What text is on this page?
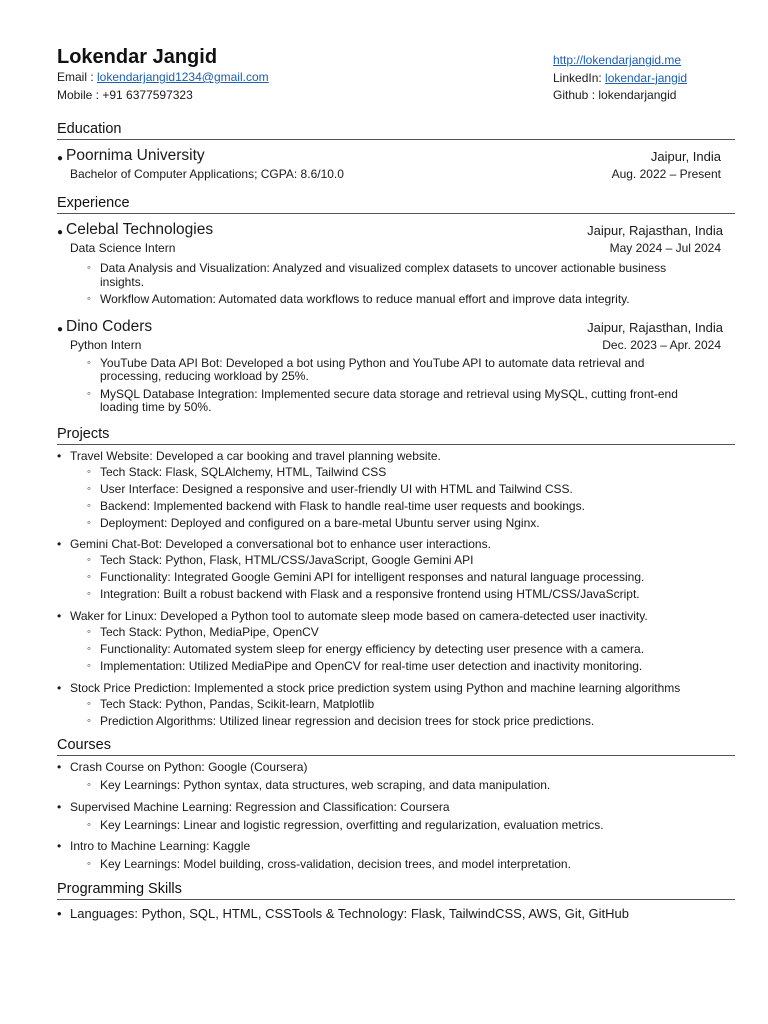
Lokendar Jangid
Email : lokendarjangid1234@gmail.com
Mobile : +91 6377597323
http://lokendarjangid.me
LinkedIn: lokendar-jangid
Github : lokendarjangid
Education
● Poornima University	Jaipur, India
Bachelor of Computer Applications; CGPA: 8.6/10.0	Aug. 2022 – Present
Experience
● Celebal Technologies	Jaipur, Rajasthan, India
Data Science Intern	May 2024 – Jul 2024
◦ Data Analysis and Visualization: Analyzed and visualized complex datasets to uncover actionable business insights.
◦ Workflow Automation: Automated data workflows to reduce manual effort and improve data integrity.
● Dino Coders	Jaipur, Rajasthan, India
Python Intern	Dec. 2023 – Apr. 2024
◦ YouTube Data API Bot: Developed a bot using Python and YouTube API to automate data retrieval and processing, reducing workload by 25%.
◦ MySQL Database Integration: Implemented secure data storage and retrieval using MySQL, cutting front-end loading time by 50%.
Projects
• Travel Website: Developed a car booking and travel planning website.
◦ Tech Stack: Flask, SQLAlchemy, HTML, Tailwind CSS
◦ User Interface: Designed a responsive and user-friendly UI with HTML and Tailwind CSS.
◦ Backend: Implemented backend with Flask to handle real-time user requests and bookings.
◦ Deployment: Deployed and configured on a bare-metal Ubuntu server using Nginx.
• Gemini Chat-Bot: Developed a conversational bot to enhance user interactions.
◦ Tech Stack: Python, Flask, HTML/CSS/JavaScript, Google Gemini API
◦ Functionality: Integrated Google Gemini API for intelligent responses and natural language processing.
◦ Integration: Built a robust backend with Flask and a responsive frontend using HTML/CSS/JavaScript.
• Waker for Linux: Developed a Python tool to automate sleep mode based on camera-detected user inactivity.
◦ Tech Stack: Python, MediaPipe, OpenCV
◦ Functionality: Automated system sleep for energy efficiency by detecting user presence with a camera.
◦ Implementation: Utilized MediaPipe and OpenCV for real-time user detection and inactivity monitoring.
• Stock Price Prediction: Implemented a stock price prediction system using Python and machine learning algorithms
◦ Tech Stack: Python, Pandas, Scikit-learn, Matplotlib
◦ Prediction Algorithms: Utilized linear regression and decision trees for stock price predictions.
Courses
• Crash Course on Python: Google (Coursera)
◦ Key Learnings: Python syntax, data structures, web scraping, and data manipulation.
• Supervised Machine Learning: Regression and Classification: Coursera
◦ Key Learnings: Linear and logistic regression, overfitting and regularization, evaluation metrics.
• Intro to Machine Learning: Kaggle
◦ Key Learnings: Model building, cross-validation, decision trees, and model interpretation.
Programming Skills
• Languages: Python, SQL, HTML, CSSTools & Technology: Flask, TailwindCSS, AWS, Git, GitHub
